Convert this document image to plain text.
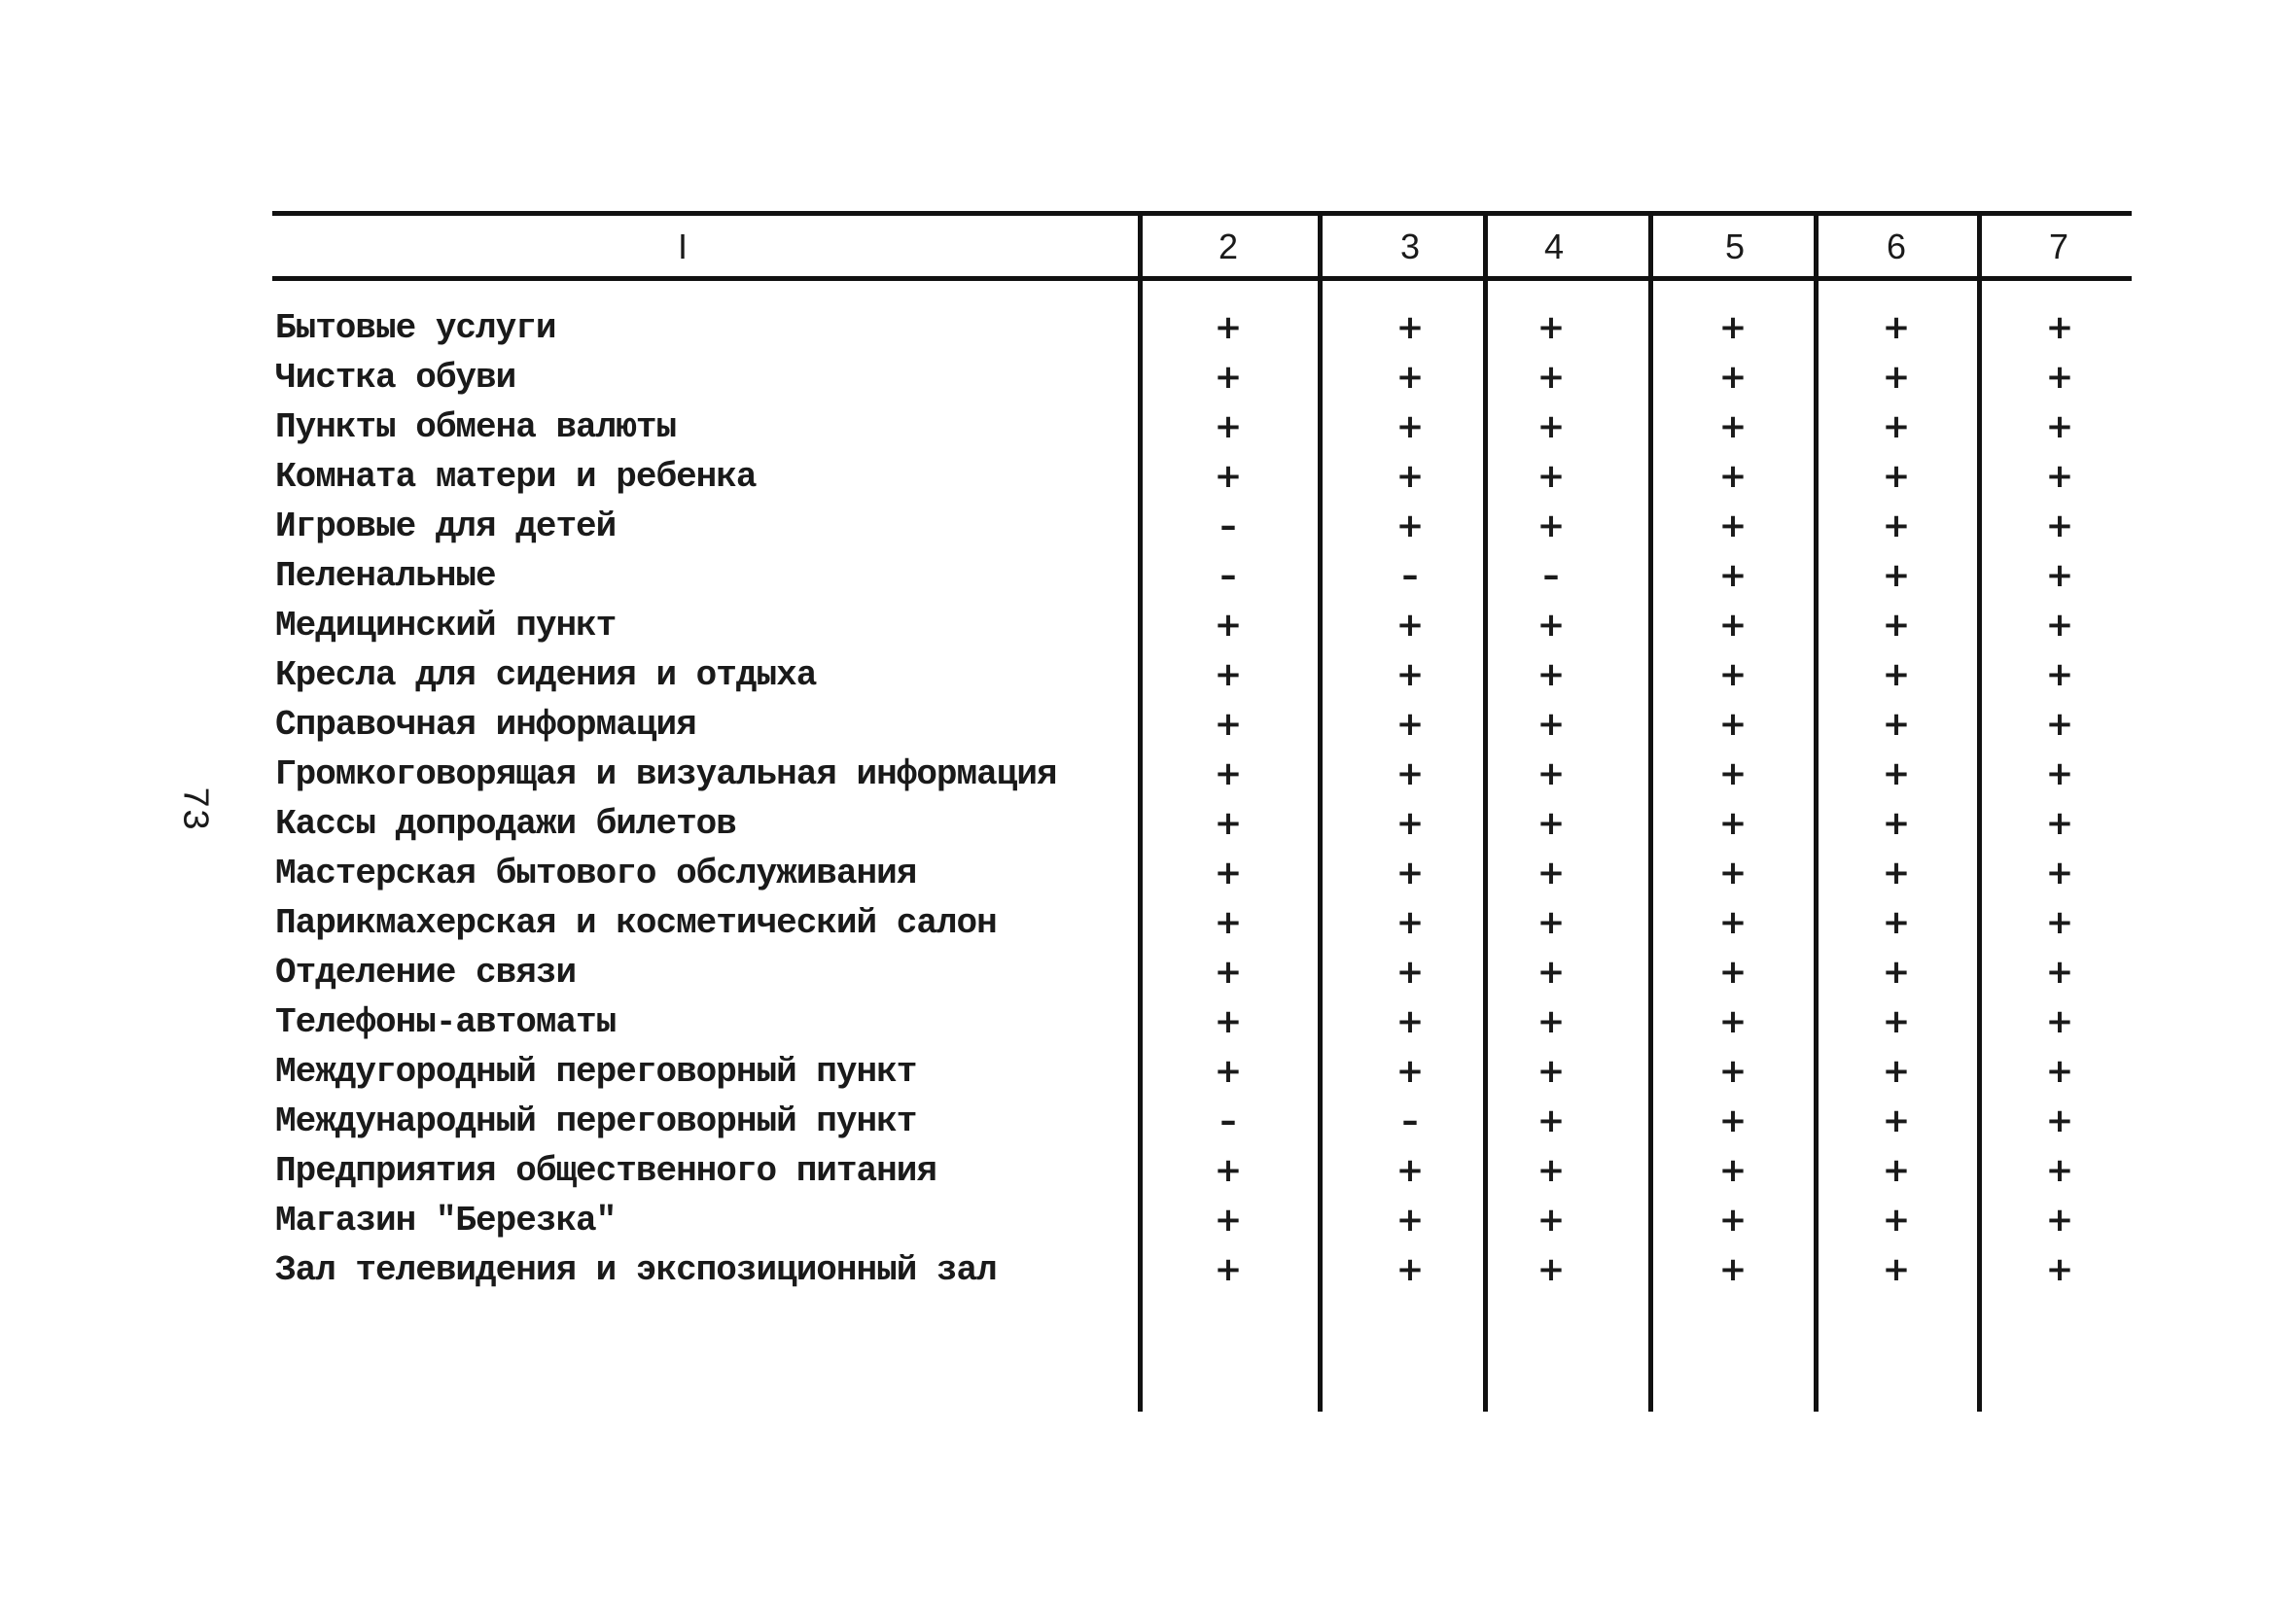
73
I	2	3	4	5	6	7
Бытовые услуги	+	+	+	+	+	+
Чистка обуви	+	+	+	+	+	+
Пункты обмена валюты	+	+	+	+	+	+
Комната матери и ребенка	+	+	+	+	+	+
Игровые для детей	–	+	+	+	+	+
Пеленальные	–	–	–	+	+	+
Медицинский пункт	+	+	+	+	+	+
Кресла для сидения и отдыха	+	+	+	+	+	+
Справочная информация	+	+	+	+	+	+
Громкоговорящая и визуальная информация	+	+	+	+	+	+
Кассы допродажи билетов	+	+	+	+	+	+
Мастерская бытового обслуживания	+	+	+	+	+	+
Парикмахерская и косметический салон	+	+	+	+	+	+
Отделение связи	+	+	+	+	+	+
Телефоны-автоматы	+	+	+	+	+	+
Междугородный переговорный пункт	+	+	+	+	+	+
Международный переговорный пункт	–	–	+	+	+	+
Предприятия общественного питания	+	+	+	+	+	+
Магазин "Березка"	+	+	+	+	+	+
Зал телевидения и экспозиционный зал	+	+	+	+	+	+
